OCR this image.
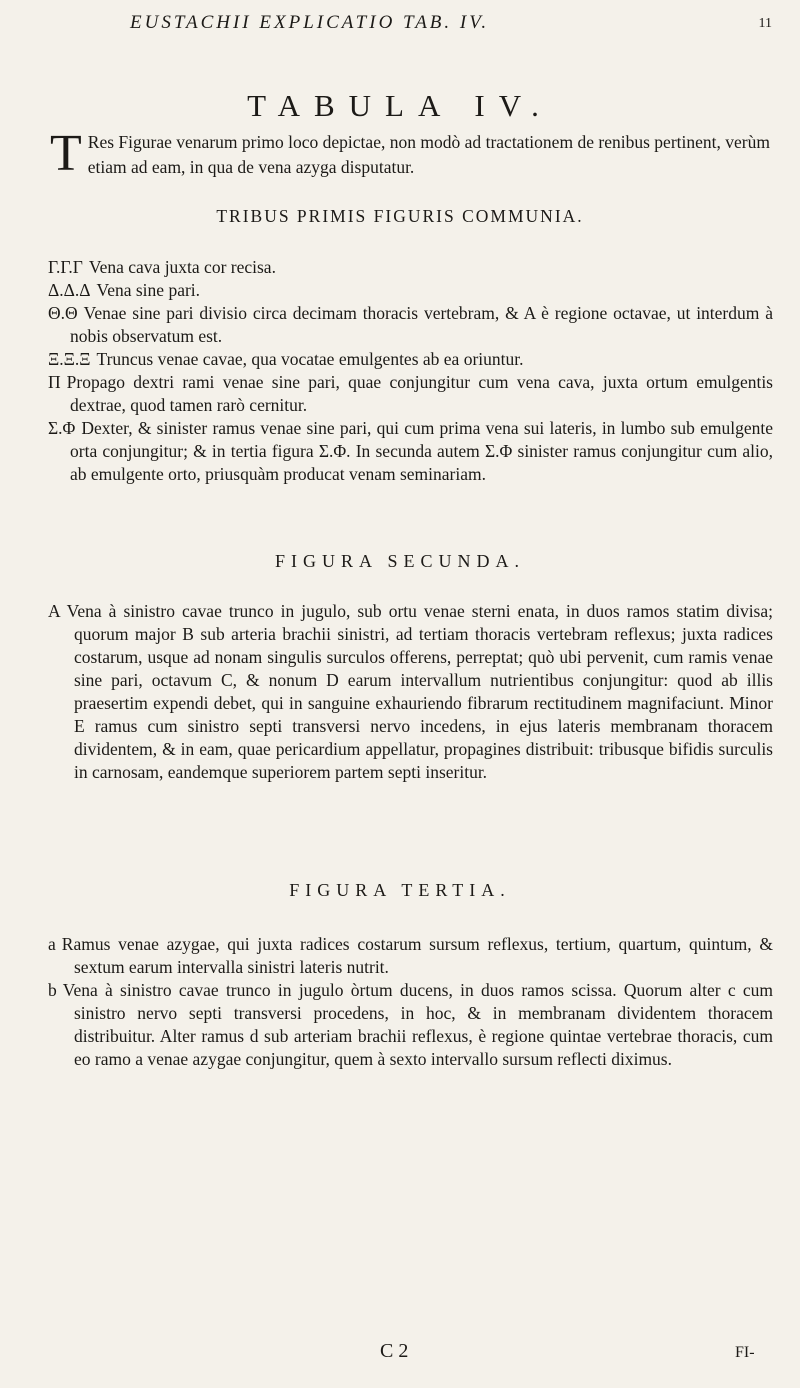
EUSTACHII EXPLICATIO TAB. IV.	11
TABULA IV.
T Res Figurae venarum primo loco depictae, non modò ad tractationem de renibus pertinent, verùm etiam ad eam, in qua de vena azyga disputatur.
TRIBUS PRIMIS FIGURIS COMMUNIA.

Γ.Γ.Γ Vena cava juxta cor recisa.

Δ.Δ.Δ Vena sine pari.

Θ.Θ Venae sine pari divisio circa decimam thoracis vertebram, & A è regione octavae, ut interdum à nobis observatum est.

Ξ.Ξ.Ξ Truncus venae cavae, qua vocatae emulgentes ab ea oriuntur.

Π Propago dextri rami venae sine pari, quae conjungitur cum vena cava, juxta ortum emulgentis dextrae, quod tamen rarò cernitur.

Σ.Φ Dexter, & sinister ramus venae sine pari, qui cum prima vena sui lateris, in lumbo sub emulgente orta conjungitur; & in tertia figura Σ.Φ. In secunda autem Σ.Φ sinister ramus conjungitur cum alio, ab emulgente orto, priusquàm producat venam seminariam.

FIGURA SECUNDA.

A Vena à sinistro cavae trunco in jugulo, sub ortu venae sterni enata, in duos ramos statim divisa; quorum major B sub arteria brachii sinistri, ad tertiam thoracis vertebram reflexus; juxta radices costarum, usque ad nonam singulis surculos offerens, perreptat; quò ubi pervenit, cum ramis venae sine pari, octavum C, & nonum D earum intervallum nutrientibus conjungitur: quod ab illis praesertim expendi debet, qui in sanguine exhauriendo fibrarum rectitudinem magnifaciunt. Minor E ramus cum sinistro septi transversi nervo incedens, in ejus lateris membranam thoracem dividentem, & in eam, quae pericardium appellatur, propagines distribuit: tribusque bifidis surculis in carnosam, eandemque superiorem partem septi inseritur.

FIGURA TERTIA.

a Ramus venae azygae, qui juxta radices costarum sursum reflexus, tertium, quartum, quintum, & sextum earum intervalla sinistri lateris nutrit.

b Vena à sinistro cavae trunco in jugulo òrtum ducens, in duos ramos scissa. Quorum alter c cum sinistro nervo septi transversi procedens, in hoc, & in membranam dividentem thoracem distribuitur. Alter ramus d sub arteriam brachii reflexus, è regione quintae vertebrae thoracis, cum eo ramo a venae azygae conjungitur, quem à sexto intervallo sursum reflecti diximus.

C 2	FI-
